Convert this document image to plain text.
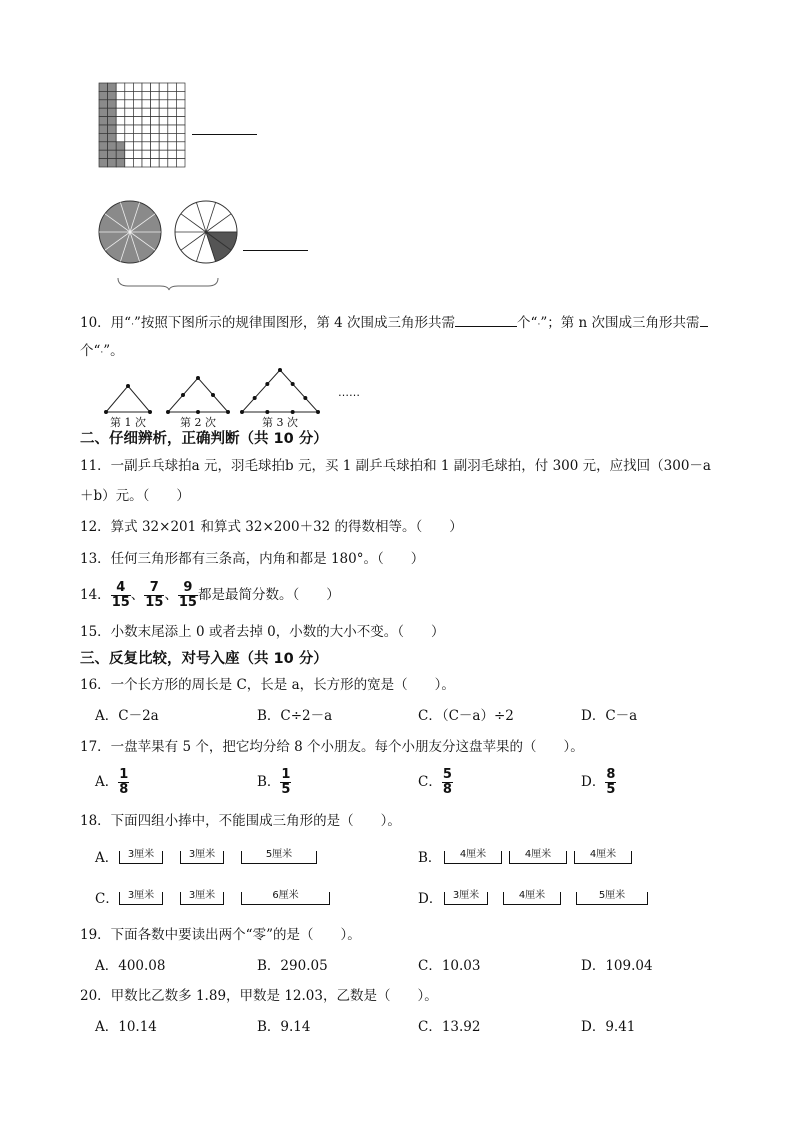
10．用“·”按照下图所示的规律围图形，第 4 次围成三角形共需	个“·”；第 n 次围成三角形共需
个“·”。
第 1 次	第 2 次	第 3 次
……
二、仔细辨析，正确判断（共 10 分）
11．一副乒乓球拍a 元，羽毛球拍b 元，买 1 副乒乓球拍和 1 副羽毛球拍，付 300 元，应找回（300－a
＋b）元。（　　）
12．算式 32×201 和算式 32×200＋32 的得数相等。（　　）
13．任何三角形都有三条高，内角和都是 180°。（　　）
14． $\frac{4}{15}$ 、 $\frac{7}{15}$ 、 $\frac{9}{15}$ 都是最简分数。（　　）
15．小数末尾添上 0 或者去掉 0，小数的大小不变。（　　）
三、反复比较，对号入座（共 10 分）
16．一个长方形的周长是 C，长是 a，长方形的宽是（　　）。
A．C－2a	B．C÷2－a	C．（C－a）÷2	D．C－a
17．一盘苹果有 5 个，把它均分给 8 个小朋友。每个小朋友分这盘苹果的（　　）。
A． $\frac{1}{8}$	B． $\frac{1}{5}$	C． $\frac{5}{8}$	D． $\frac{8}{5}$
18．下面四组小捧中，不能围成三角形的是（　　）。
A． 3厘米	3厘米	5厘米	B．	4厘米	4厘米	4厘米
C． 3厘米	3厘米	6厘米	D．	3厘米	4厘米	5厘米
19．下面各数中要读出两个“零”的是（　　）。
A．400.08	B．290.05	C．10.03	D．109.04
20．甲数比乙数多 1.89，甲数是 12.03，乙数是（　　）。
A．10.14	B．9.14	C．13.92	D．9.41
